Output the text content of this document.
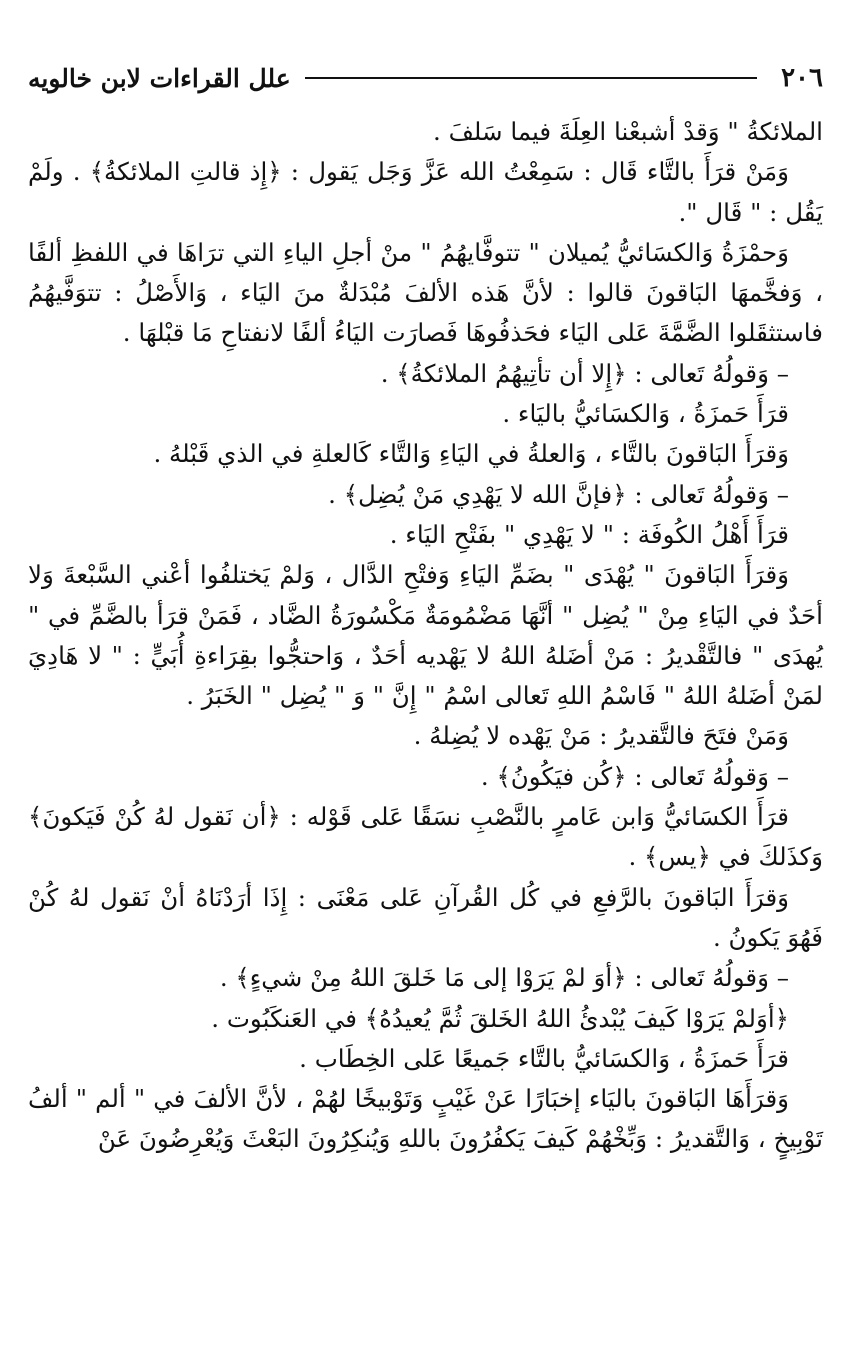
٢٠٦
علل القراءات لابن خالويه

الملائكةُ " وَقدْ أشبعْنا العِلَةَ فيما سَلفَ .

وَمَنْ قرَأَ بالتَّاء قَال : سَمِعْتُ الله عَزَّ وَجَل يَقول : ﴿إِذ قالتِ الملائكةُ﴾ . ولَمْ يَقُل : " قَال ".

وَحمْزَةُ وَالكسَائيُّ يُميلان " تتوفَّايهُمُ " منْ أجلِ الياءِ التي ترَاهَا في اللفظِ ألفًا ، وَفخَّمهَا البَاقونَ قالوا : لأنَّ هَذه الألفَ مُبْدَلةٌ منَ اليَاء ، وَالأَصْلُ : تتوَفَّيهُمُ فاستثقَلوا الضَّمَّةَ عَلى اليَاء فحَذفُوهَا فَصارَت اليَاءُ ألفًا لانفتاحِ مَا قبْلهَا .

– وَقولُهُ تَعالى : ﴿إِلا أن تأتِيهُمُ الملائكةُ﴾ .

قرَأَ حَمزَةُ ، وَالكسَائيُّ باليَاء .

وَقرَأَ البَاقونَ بالتَّاء ، وَالعلةُ في اليَاءِ وَالتَّاء كَالعلةِ في الذي قَبْلهُ .

– وَقولُهُ تَعالى : ﴿فإنَّ الله لا يَهْدِي مَنْ يُضِل﴾ .

قرَأَ أَهْلُ الكُوفَة : " لا يَهْدِي " بفَتْحِ اليَاء .

وَقرَأَ البَاقونَ " يُهْدَى " بضَمِّ اليَاءِ وَفتْحِ الدَّال ، وَلمْ يَختلفُوا أعْني السَّبْعةَ وَلا أحَدٌ في اليَاءِ مِنْ " يُضِل " أنَّهَا مَضْمُومَةٌ مَكْسُورَةُ الضَّاد ، فَمَنْ قرَأ بالضَّمِّ في " يُهدَى " فالتَّقْديرُ : مَنْ أضَلهُ اللهُ لا يَهْديه أحَدٌ ، وَاحتجُّوا بقِرَاءةِ أُبَيٍّ : " لا هَادِيَ لمَنْ أضَلهُ اللهُ " فَاسْمُ اللهِ تَعالى اسْمُ " إِنَّ " وَ " يُضِل " الخَبَرُ .

وَمَنْ فتَحَ فالتَّقديرُ : مَنْ يَهْده لا يُضِلهُ .

– وَقولُهُ تَعالى : ﴿كُن فيَكُونُ﴾ .

قرَأَ الكسَائيُّ وَابن عَامرٍ بالنَّصْبِ نسَقًا عَلى قَوْله : ﴿أن نَقول لهُ كُنْ فَيَكونَ﴾ وَكذَلكَ في ﴿يس﴾ .

وَقرَأَ البَاقونَ بالرَّفعِ في كُل القُرآنِ عَلى مَعْنَى : إِذَا أرَدْنَاهُ أنْ نَقول لهُ كُنْ فَهُوَ يَكونُ .

– وَقولُهُ تَعالى : ﴿أوَ لمْ يَرَوْا إلى مَا خَلقَ اللهُ مِنْ شيءٍ﴾ .

﴿أوَلمْ يَرَوْا كَيفَ يُبْدئُ اللهُ الخَلقَ ثُمَّ يُعيدُهُ﴾ في العَنكَبُوت .

قرَأَ حَمزَةُ ، وَالكسَائيُّ بالتَّاء جَميعًا عَلى الخِطَاب .

وَقرَأَهَا البَاقونَ باليَاء إخبَارًا عَنْ غَيْبٍ وَتَوْبيخًا لهُمْ ، لأنَّ الألفَ في " ألم " ألفُ تَوْبِيخٍ ، وَالتَّقديرُ : وَبِّخْهُمْ كَيفَ يَكفُرُونَ باللهِ وَيُنكِرُونَ البَعْثَ وَيُعْرِضُونَ عَنْ
